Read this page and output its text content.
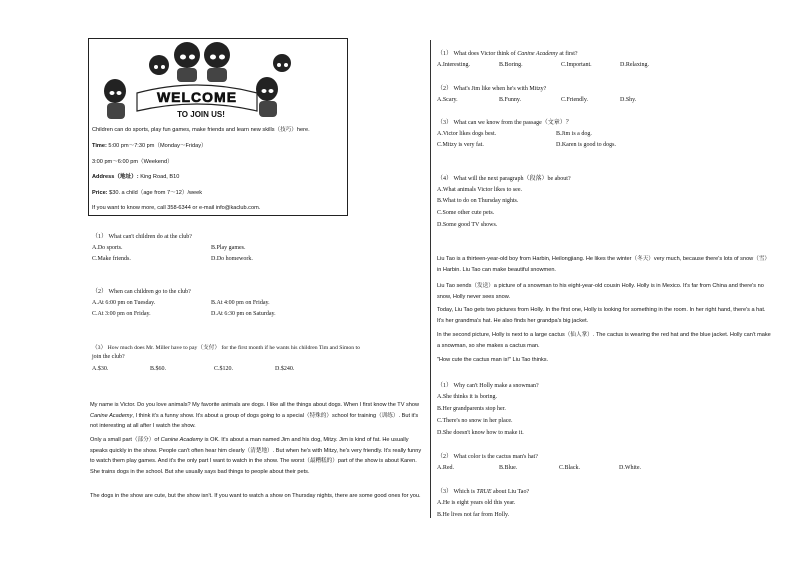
WELCOME
TO JOIN US!
Children can do sports, play fun games, make friends and learn new skills（技巧）here.
Time: 5:00 pm～7:30 pm（Monday～Friday）
3:00 pm～6:00 pm（Weekend）
Address（地址）: King Road, B10
Price: $30. a child（age from 7～12）/week
If you want to know more, call 358-6344 or e-mail info@kaclub.com.
（1） What can't children do at the club?
A.Do sports.	B.Play games.
C.Make friends.	D.Do homework.
（2） When can children go to the club?
A.At 6:00 pm on Tuesday.	B.At 4:00 pm on Friday.
C.At 3:00 pm on Friday.	D.At 6:30 pm on Saturday.
（3） How much does Mr. Miller have to pay（支付） for the first month if he wants his children Tim and Simon to
join the club?
A.$30.	B.$60.	C.$120.	D.$240.
My name is Victor. Do you love animals? My favorite animals are dogs. I like all the things about dogs. When I first know the TV show Canine Academy, I think it's a funny show. It's about a group of dogs going to a special（特殊的）school for training（训练）. But it's not interesting at all after I watch the show.
Only a small part（部分）of Canine Academy is OK. It's about a man named Jim and his dog, Mitzy. Jim is kind of fat. He usually speaks quickly in the show. People can't often hear him clearly（清楚地）. But when he's with Mitzy, he's very friendly. It's really funny to watch them play games. And it's the only part I want to watch in the show. The worst（最糟糕的）part of the show is about Karen. She trains dogs in the school. But she usually says bad things to people about their pets.
The dogs in the show are cute, but the show isn't. If you want to watch a show on Thursday nights, there are some good ones for you.
（1） What does Victor think of Canine Academy at first?
A.Interesting.	B.Boring.	C.Important.	D.Relaxing.
（2） What's Jim like when he's with Mitzy?
A.Scary.	B.Funny.	C.Friendly.	D.Shy.
（3） What can we know from the passage（文章）？
A.Victor likes dogs best.	B.Jim is a dog.
C.Mitzy is very fat.	D.Karen is good to dogs.
（4） What will the next paragraph（段落）be about?
A.What animals Victor likes to see.
B.What to do on Thursday nights.
C.Some other cute pets.
D.Some good TV shows.
Liu Tao is a thirteen-year-old boy from Harbin, Heilongjiang. He likes the winter（冬天）very much, because there's lots of snow（雪）in Harbin. Liu Tao can make beautiful snowmen.
Liu Tao sends（发送）a picture of a snowman to his eight-year-old cousin Holly. Holly is in Mexico. It's far from China and there's no snow, Holly never sees snow.
Today, Liu Tao gets two pictures from Holly. In the first one, Holly is looking for something in the room. In her right hand, there's a hat. It's her grandma's hat. He also finds her grandpa's big jacket.
In the second picture, Holly is next to a large cactus（仙人掌）. The cactus is wearing the red hat and the blue jacket. Holly can't make a snowman, so she makes a cactus man.
"How cute the cactus man is!" Liu Tao thinks.
（1） Why can't Holly make a snowman?
A.She thinks it is boring.
B.Her grandparents stop her.
C.There's no snow in her place.
D.She doesn't know how to make it.
（2） What color is the cactus man's hat?
A.Red.	B.Blue.	C.Black.	D.White.
（3） Which is TRUE about Liu Tao?
A.He is eight years old this year.
B.He lives not far from Holly.
